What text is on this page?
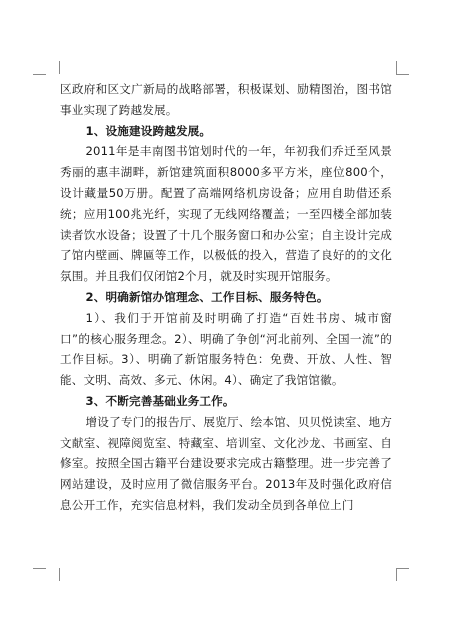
区政府和区文广新局的战略部署，积极谋划、励精图治，图书馆事业实现了跨越发展。

1、设施建设跨越发展。

2011年是丰南图书馆划时代的一年，年初我们乔迁至风景秀丽的惠丰湖畔，新馆建筑面积8000多平方米，座位800个，设计藏量50万册。配置了高端网络机房设备；应用自助借还系统；应用100兆光纤，实现了无线网络覆盖；一至四楼全部加装读者饮水设备；设置了十几个服务窗口和办公室；自主设计完成了馆内壁画、牌匾等工作，以极低的投入，营造了良好的的文化氛围。并且我们仅闭馆2个月，就及时实现开馆服务。

2、明确新馆办馆理念、工作目标、服务特色。

1）、我们于开馆前及时明确了打造“百姓书房、城市窗口”的核心服务理念。2）、明确了争创“河北前列、全国一流”的工作目标。3）、明确了新馆服务特色：免费、开放、人性、智能、文明、高效、多元、休闲。4）、确定了我馆馆徽。

3、不断完善基础业务工作。

增设了专门的报告厅、展览厅、绘本馆、贝贝悦读室、地方文献室、视障阅览室、特藏室、培训室、文化沙龙、书画室、自修室。按照全国古籍平台建设要求完成古籍整理。进一步完善了网站建设，及时应用了微信服务平台。2013年及时强化政府信息公开工作，充实信息材料，我们发动全员到各单位上门
